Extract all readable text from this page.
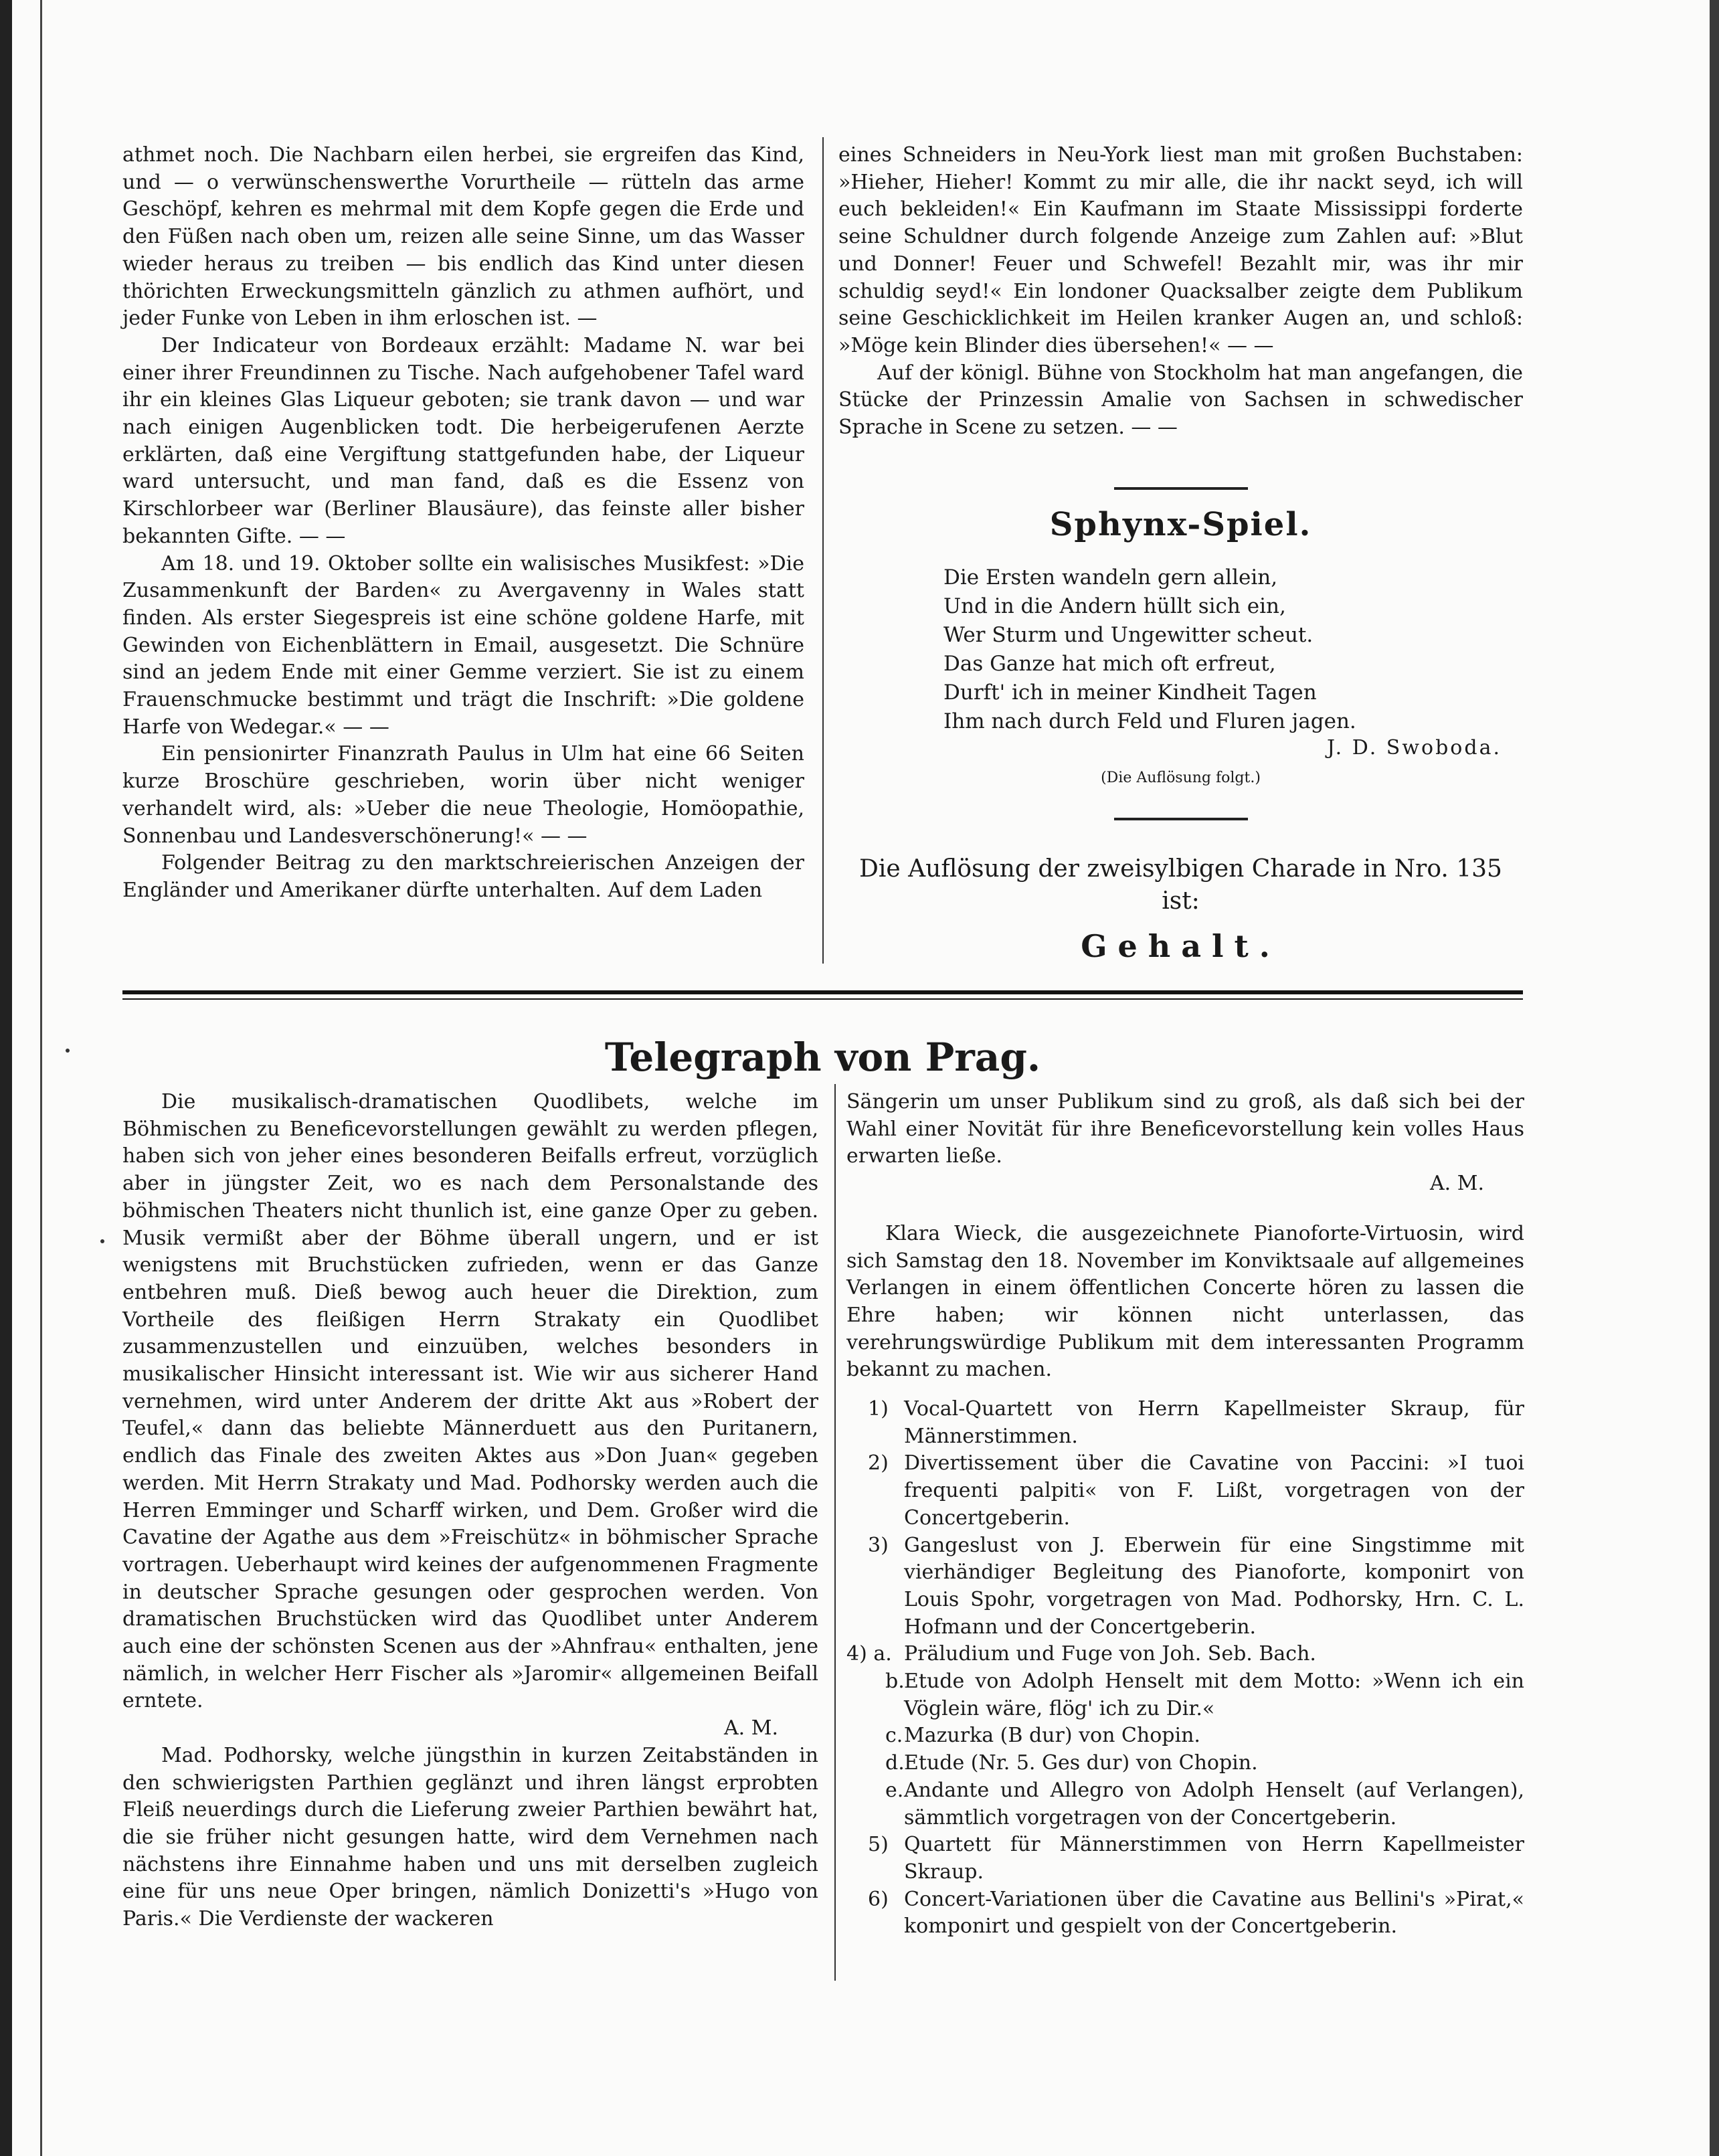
athmet noch. Die Nachbarn eilen herbei, sie ergreifen das Kind, und — o verwünschenswerthe Vorurtheile — rütteln das arme Geschöpf, kehren es mehrmal mit dem Kopfe gegen die Erde und den Füßen nach oben um, reizen alle seine Sinne, um das Wasser wieder heraus zu treiben — bis endlich das Kind unter diesen thörichten Erweckungsmitteln gänzlich zu athmen aufhört, und jeder Funke von Leben in ihm erloschen ist. —

Der Indicateur von Bordeaux erzählt: Madame N. war bei einer ihrer Freundinnen zu Tische. Nach aufgehobener Tafel ward ihr ein kleines Glas Liqueur geboten; sie trank davon — und war nach einigen Augenblicken todt. Die herbeigerufenen Aerzte erklärten, daß eine Vergiftung stattgefunden habe, der Liqueur ward untersucht, und man fand, daß es die Essenz von Kirschlorbeer war (Berliner Blausäure), das feinste aller bisher bekannten Gifte. — —

Am 18. und 19. Oktober sollte ein walisisches Musikfest: »Die Zusammenkunft der Barden« zu Avergavenny in Wales statt finden. Als erster Siegespreis ist eine schöne goldene Harfe, mit Gewinden von Eichenblättern in Email, ausgesetzt. Die Schnüre sind an jedem Ende mit einer Gemme verziert. Sie ist zu einem Frauenschmucke bestimmt und trägt die Inschrift: »Die goldene Harfe von Wedegar.« — —

Ein pensionirter Finanzrath Paulus in Ulm hat eine 66 Seiten kurze Broschüre geschrieben, worin über nicht weniger verhandelt wird, als: »Ueber die neue Theologie, Homöopathie, Sonnenbau und Landesverschönerung!« — —

Folgender Beitrag zu den marktschreierischen Anzeigen der Engländer und Amerikaner dürfte unterhalten. Auf dem Laden

eines Schneiders in Neu-York liest man mit großen Buchstaben: »Hieher, Hieher! Kommt zu mir alle, die ihr nackt seyd, ich will euch bekleiden!« Ein Kaufmann im Staate Mississippi forderte seine Schuldner durch folgende Anzeige zum Zahlen auf: »Blut und Donner! Feuer und Schwefel! Bezahlt mir, was ihr mir schuldig seyd!« Ein londoner Quacksalber zeigte dem Publikum seine Geschicklichkeit im Heilen kranker Augen an, und schloß: »Möge kein Blinder dies übersehen!« — —

Auf der königl. Bühne von Stockholm hat man angefangen, die Stücke der Prinzessin Amalie von Sachsen in schwedischer Sprache in Scene zu setzen. — —

Sphynx-Spiel.
Die Ersten wandeln gern allein,
Und in die Andern hüllt sich ein,
Wer Sturm und Ungewitter scheut.
Das Ganze hat mich oft erfreut,
Durft' ich in meiner Kindheit Tagen
Ihm nach durch Feld und Fluren jagen.
J. D. Swoboda.
(Die Auflösung folgt.)
Die Auflösung der zweisylbigen Charade in Nro. 135
ist:
Gehalt.
Telegraph von Prag.

Die musikalisch-dramatischen Quodlibets, welche im Böhmischen zu Beneficevorstellungen gewählt zu werden pflegen, haben sich von jeher eines besonderen Beifalls erfreut, vorzüglich aber in jüngster Zeit, wo es nach dem Personalstande des böhmischen Theaters nicht thunlich ist, eine ganze Oper zu geben. Musik vermißt aber der Böhme überall ungern, und er ist wenigstens mit Bruchstücken zufrieden, wenn er das Ganze entbehren muß. Dieß bewog auch heuer die Direktion, zum Vortheile des fleißigen Herrn Strakaty ein Quodlibet zusammenzustellen und einzuüben, welches besonders in musikalischer Hinsicht interessant ist. Wie wir aus sicherer Hand vernehmen, wird unter Anderem der dritte Akt aus »Robert der Teufel,« dann das beliebte Männerduett aus den Puritanern, endlich das Finale des zweiten Aktes aus »Don Juan« gegeben werden. Mit Herrn Strakaty und Mad. Podhorsky werden auch die Herren Emminger und Scharff wirken, und Dem. Großer wird die Cavatine der Agathe aus dem »Freischütz« in böhmischer Sprache vortragen. Ueberhaupt wird keines der aufgenommenen Fragmente in deutscher Sprache gesungen oder gesprochen werden. Von dramatischen Bruchstücken wird das Quodlibet unter Anderem auch eine der schönsten Scenen aus der »Ahnfrau« enthalten, jene nämlich, in welcher Herr Fischer als »Jaromir« allgemeinen Beifall erntete.

A. M.

Mad. Podhorsky, welche jüngsthin in kurzen Zeitabständen in den schwierigsten Parthien geglänzt und ihren längst erprobten Fleiß neuerdings durch die Lieferung zweier Parthien bewährt hat, die sie früher nicht gesungen hatte, wird dem Vernehmen nach nächstens ihre Einnahme haben und uns mit derselben zugleich eine für uns neue Oper bringen, nämlich Donizetti's »Hugo von Paris.« Die Verdienste der wackeren

Sängerin um unser Publikum sind zu groß, als daß sich bei der Wahl einer Novität für ihre Beneficevorstellung kein volles Haus erwarten ließe.

A. M.

Klara Wieck, die ausgezeichnete Pianoforte-Virtuosin, wird sich Samstag den 18. November im Konviktsaale auf allgemeines Verlangen in einem öffentlichen Concerte hören zu lassen die Ehre haben; wir können nicht unterlassen, das verehrungswürdige Publikum mit dem interessanten Programm bekannt zu machen.

1) Vocal-Quartett von Herrn Kapellmeister Skraup, für Männerstimmen.
2) Divertissement über die Cavatine von Paccini: »I tuoi frequenti palpiti« von F. Lißt, vorgetragen von der Concertgeberin.
3) Gangeslust von J. Eberwein für eine Singstimme mit vierhändiger Begleitung des Pianoforte, komponirt von Louis Spohr, vorgetragen von Mad. Podhorsky, Hrn. C. L. Hofmann und der Concertgeberin.
4) a. Präludium und Fuge von Joh. Seb. Bach.
b. Etude von Adolph Henselt mit dem Motto: »Wenn ich ein Vöglein wäre, flög' ich zu Dir.«
c. Mazurka (B dur) von Chopin.
d. Etude (Nr. 5. Ges dur) von Chopin.
e. Andante und Allegro von Adolph Henselt (auf Verlangen), sämmtlich vorgetragen von der Concertgeberin.
5) Quartett für Männerstimmen von Herrn Kapellmeister Skraup.
6) Concert-Variationen über die Cavatine aus Bellini's »Pirat,« komponirt und gespielt von der Concertgeberin.
